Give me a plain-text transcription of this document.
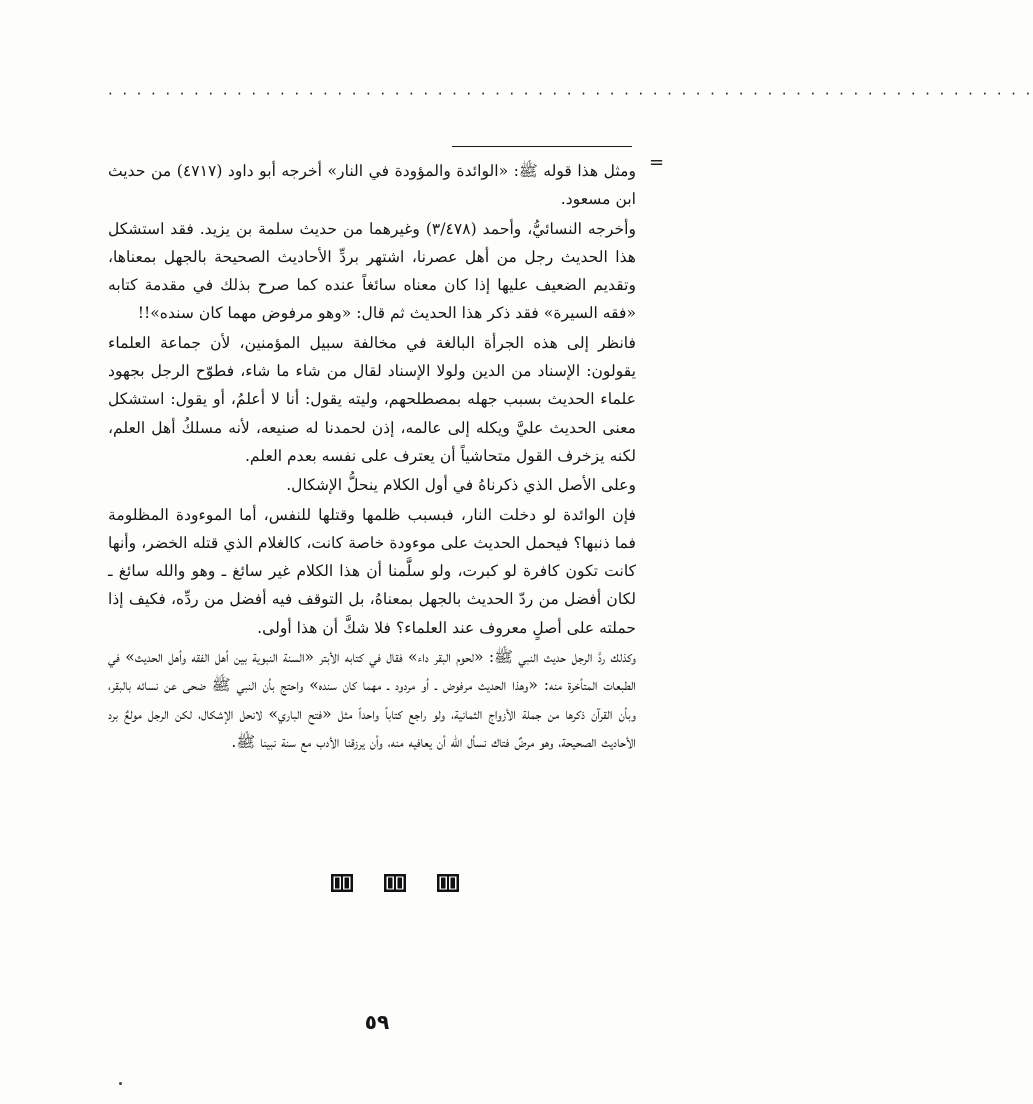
· · · · · · · · · · · · · · · · · · · · · · · · · · · · · · · · · · · · · · · · · · · · · · · · · · · · · · · · · · · · · · · · ·
=

ومثل هذا قوله ﷺ: «الوائدة والمؤودة في النار» أخرجه أبو داود (٤٧١٧) من حديث ابن مسعود.

وأخرجه النسائيُّ، وأحمد (٣/٤٧٨) وغيرهما من حديث سلمة بن يزيد. فقد استشكل هذا الحديث رجل من أهل عصرنا، اشتهر بردِّ الأحاديث الصحيحة بالجهل بمعناها، وتقديم الضعيف عليها إذا كان معناه سائغاً عنده كما صرح بذلك في مقدمة كتابه «فقه السيرة» فقد ذكر هذا الحديث ثم قال: «وهو مرفوض مهما كان سنده»!!

فانظر إلى هذه الجرأة البالغة في مخالفة سبيل المؤمنين، لأن جماعة العلماء يقولون: الإسناد من الدين ولولا الإسناد لقال من شاء ما شاء، فطوّح الرجل بجهود علماء الحديث بسبب جهله بمصطلحهم، وليته يقول: أنا لا أعلمُ، أو يقول: استشكل معنى الحديث عليَّ ويكله إلى عالمه، إذن لحمدنا له صنيعه، لأنه مسلكُ أهل العلم، لكنه يزخرف القول متحاشياً أن يعترف على نفسه بعدم العلم.

وعلى الأصل الذي ذكرناهُ في أول الكلام ينحلُّ الإشكال.

فإن الوائدة لو دخلت النار، فبسبب ظلمها وقتلها للنفس، أما الموءودة المظلومة فما ذنبها؟ فيحمل الحديث على موءودة خاصة كانت، كالغلام الذي قتله الخضر، وأنها كانت تكون كافرة لو كبرت، ولو سلَّمنا أن هذا الكلام غير سائغ ـ وهو والله سائغ ـ لكان أفضل من ردّ الحديث بالجهل بمعناهُ، بل التوقف فيه أفضل من ردِّه، فكيف إذا حملته على أصلٍ معروف عند العلماء؟ فلا شكَّ أن هذا أولى.

وكذلك ردَّ الرجل حديث النبي ﷺ: «لحوم البقر داء» فقال في كتابه الأبتر «السنة النبوية بين أهل الفقه وأهل الحديث» في الطبعات المتأخرة منه: «وهذا الحديث مرفوض ـ أو مردود ـ مهما كان سنده» واحتج بأن النبي ﷺ ضحى عن نسائه بالبقر، وبأن القرآن ذكرها من جملة الأزواج الثمانية، ولو راجع كتاباً واحداً مثل «فتح الباري» لانحل الإشكال، لكن الرجل مولعٌ برد الأحاديث الصحيحة، وهو مرضٌ فتاك نسأل الله أن يعافيه منه، وأن يرزقنا الأدب مع سنة نبينا ﷺ.

٥٩
